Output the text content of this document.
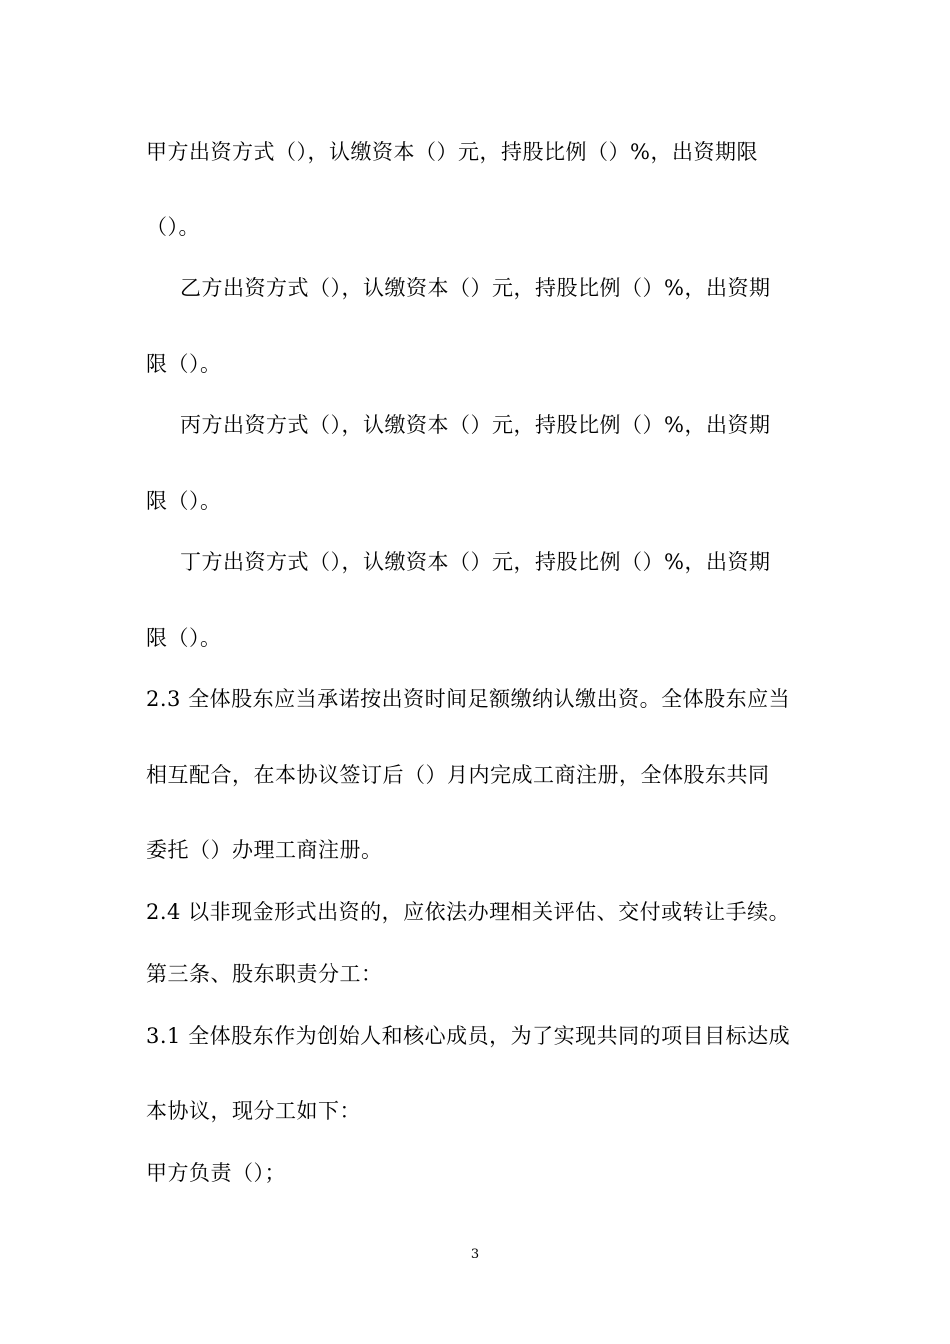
甲方出资方式（），认缴资本（）元，持股比例（）%，出资期限
（）。
乙方出资方式（），认缴资本（）元，持股比例（）%，出资期
限（）。
丙方出资方式（），认缴资本（）元，持股比例（）%，出资期
限（）。
丁方出资方式（），认缴资本（）元，持股比例（）%，出资期
限（）。
2.3 全体股东应当承诺按出资时间足额缴纳认缴出资。全体股东应当
相互配合，在本协议签订后（）月内完成工商注册，全体股东共同
委托（）办理工商注册。
2.4 以非现金形式出资的，应依法办理相关评估、交付或转让手续。
第三条、股东职责分工：
3.1 全体股东作为创始人和核心成员，为了实现共同的项目目标达成
本协议，现分工如下：
甲方负责（）；
3
